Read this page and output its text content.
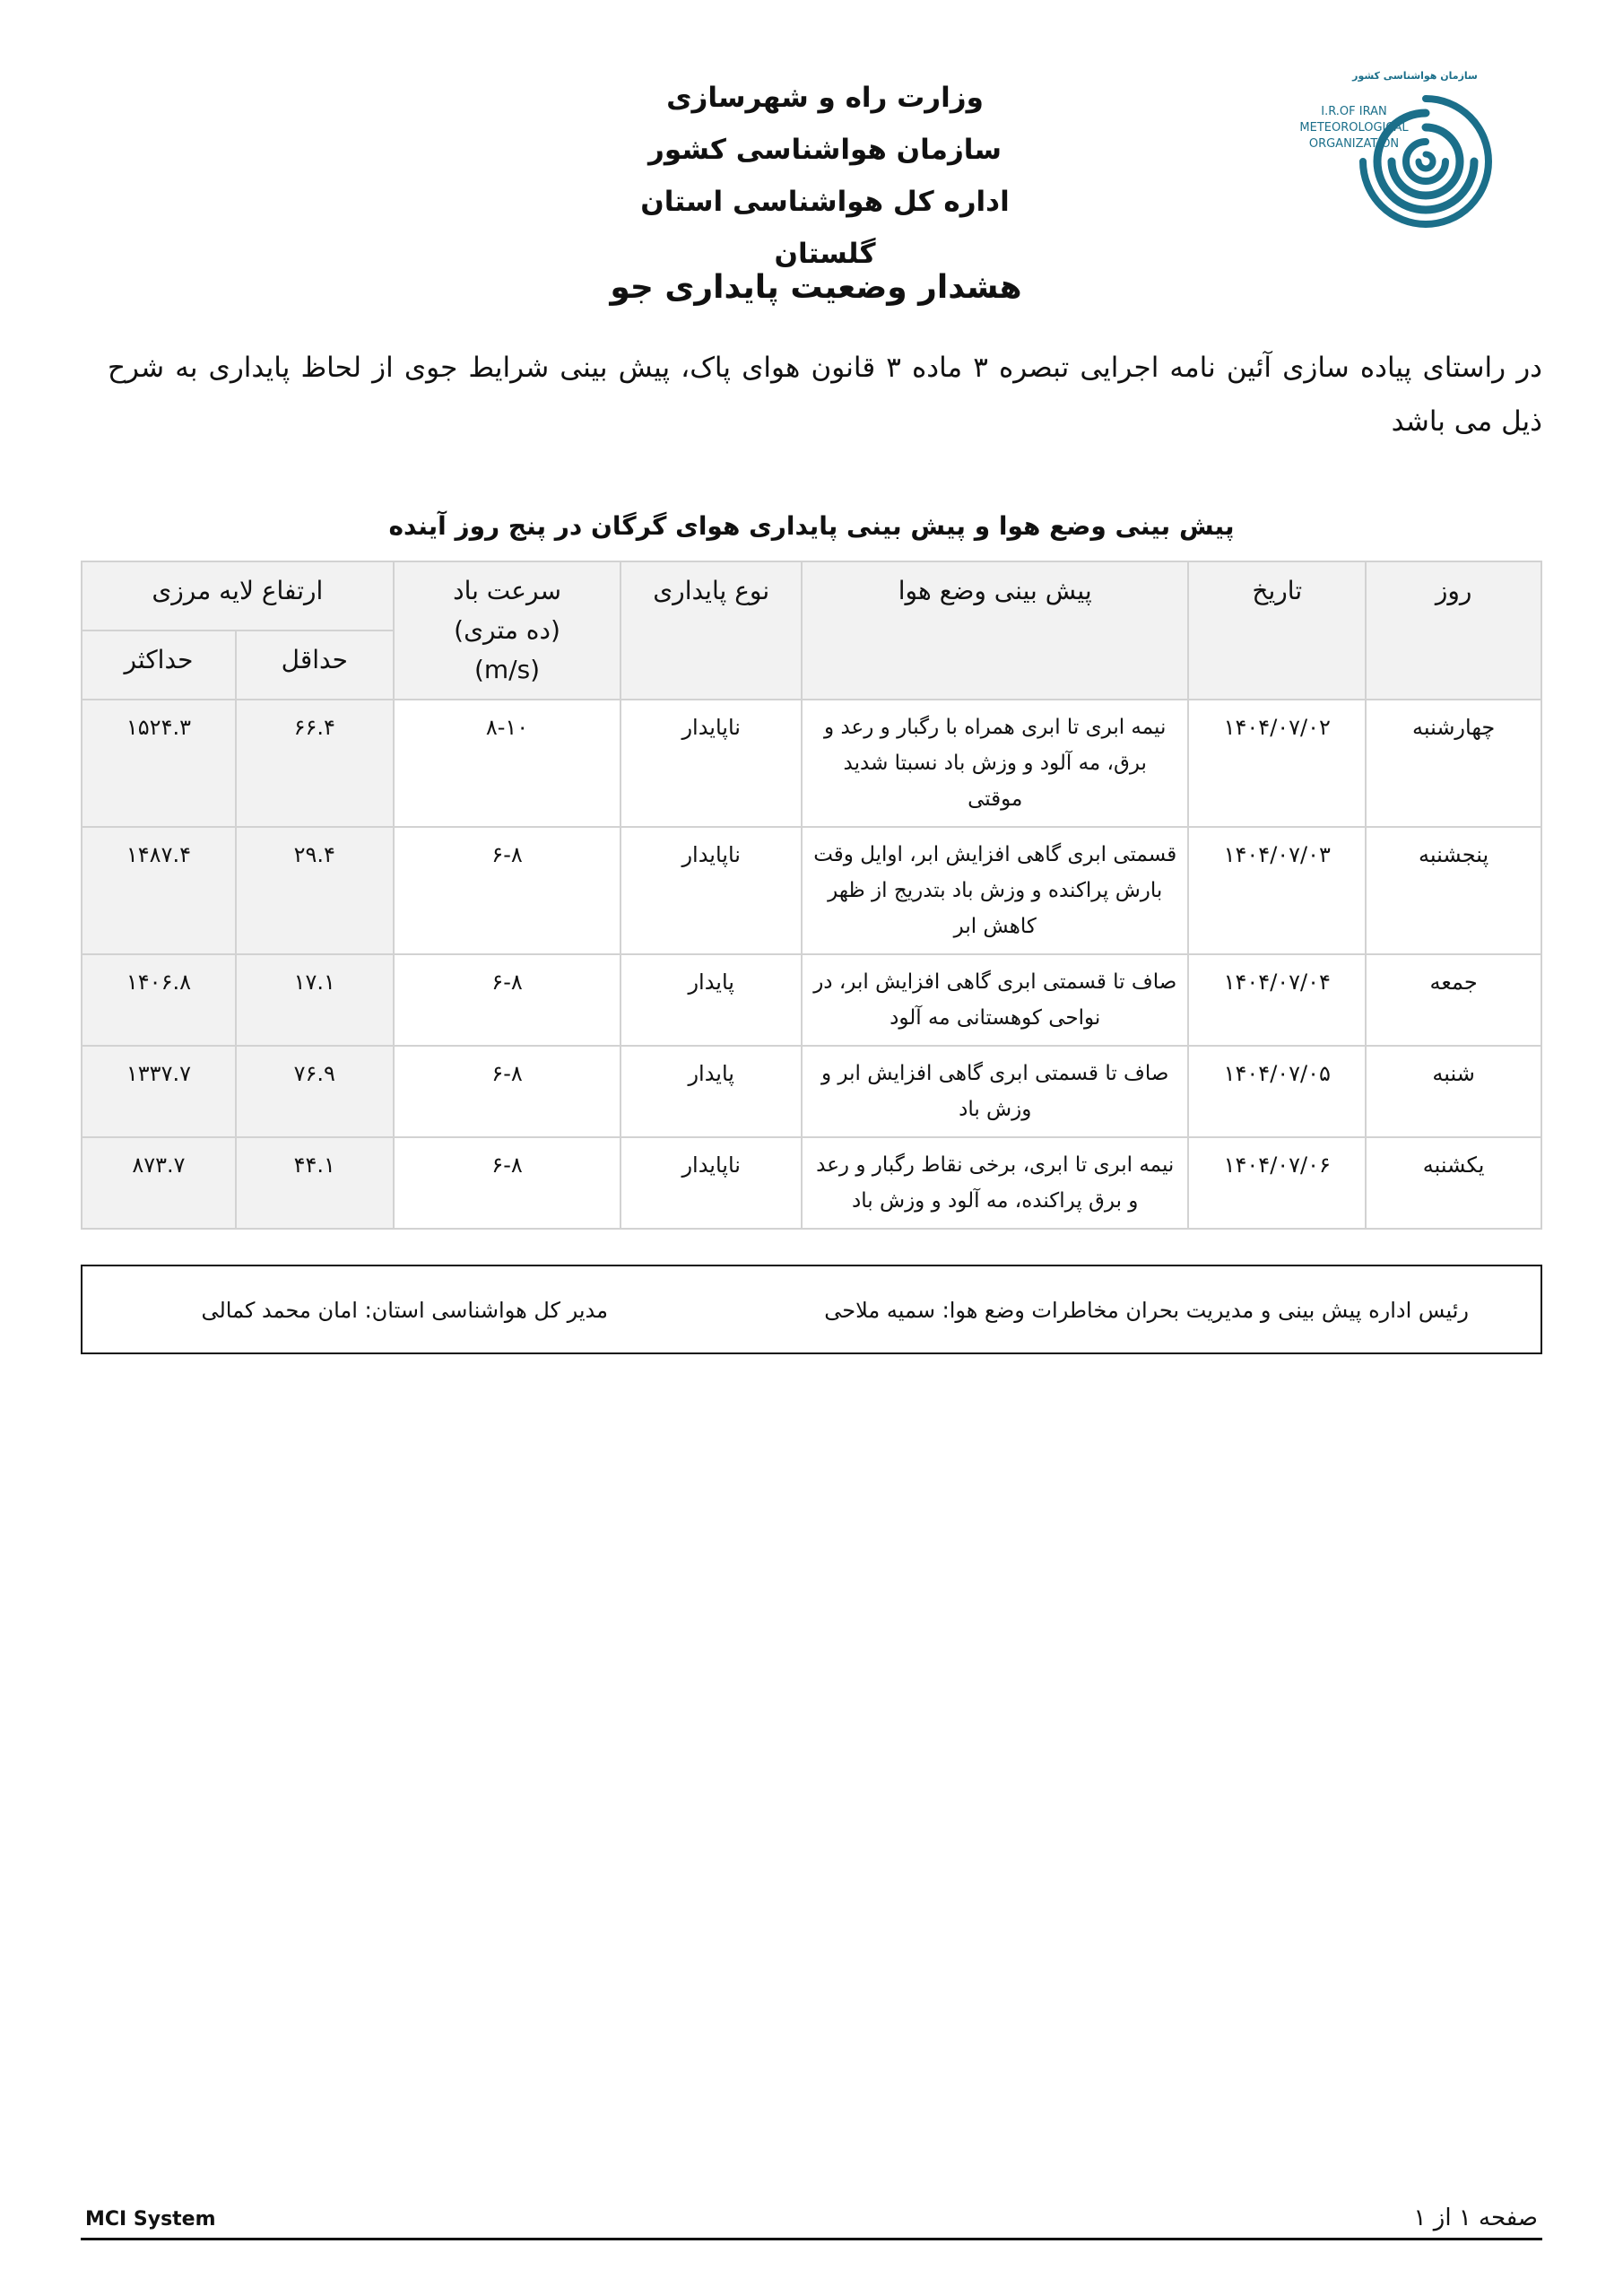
وزارت راه و شهرسازی
سازمان هواشناسی کشور
اداره کل هواشناسی استان گلستان
سازمان هواشناسی کشور
I.R.OF IRAN
METEOROLOGICAL
ORGANIZATION
هشدار وضعیت پایداری جو
در راستای پیاده سازی آئین نامه اجرایی تبصره ۳ ماده ۳ قانون هوای پاک، پیش بینی شرایط جوی از لحاظ پایداری به شرح ذیل می باشد
پیش بینی وضع هوا و پیش بینی پایداری هوای گرگان در پنج روز آینده
روز	تاریخ	پیش بینی وضع هوا	نوع پایداری	سرعت باد
(ده متری)
(m/s)	ارتفاع لایه مرزی	
					حداقل	حداکثر
چهارشنبه	۱۴۰۴/۰۷/۰۲	نیمه ابری تا ابری همراه با رگبار و رعد و برق، مه آلود و وزش باد نسبتا شدید موقتی	ناپایدار	۸-۱۰	۶۶.۴	۱۵۲۴.۳
پنجشنبه	۱۴۰۴/۰۷/۰۳	قسمتی ابری گاهی افزایش ابر، اوایل وقت بارش پراکنده و وزش باد بتدریج از ظهر کاهش ابر	ناپایدار	۶-۸	۲۹.۴	۱۴۸۷.۴
جمعه	۱۴۰۴/۰۷/۰۴	صاف تا قسمتی ابری گاهی افزایش ابر، در نواحی کوهستانی مه آلود	پایدار	۶-۸	۱۷.۱	۱۴۰۶.۸
شنبه	۱۴۰۴/۰۷/۰۵	صاف تا قسمتی ابری گاهی افزایش ابر و وزش باد	پایدار	۶-۸	۷۶.۹	۱۳۳۷.۷
یکشنبه	۱۴۰۴/۰۷/۰۶	نیمه ابری تا ابری، برخی نقاط رگبار و رعد و برق پراکنده، مه آلود و وزش باد	ناپایدار	۶-۸	۴۴.۱	۸۷۳.۷
رئیس اداره پیش بینی و مدیریت بحران مخاطرات وضع هوا: سمیه ملاحی
مدیر کل هواشناسی استان: امان محمد کمالی
MCI System	صفحه ۱ از ۱
